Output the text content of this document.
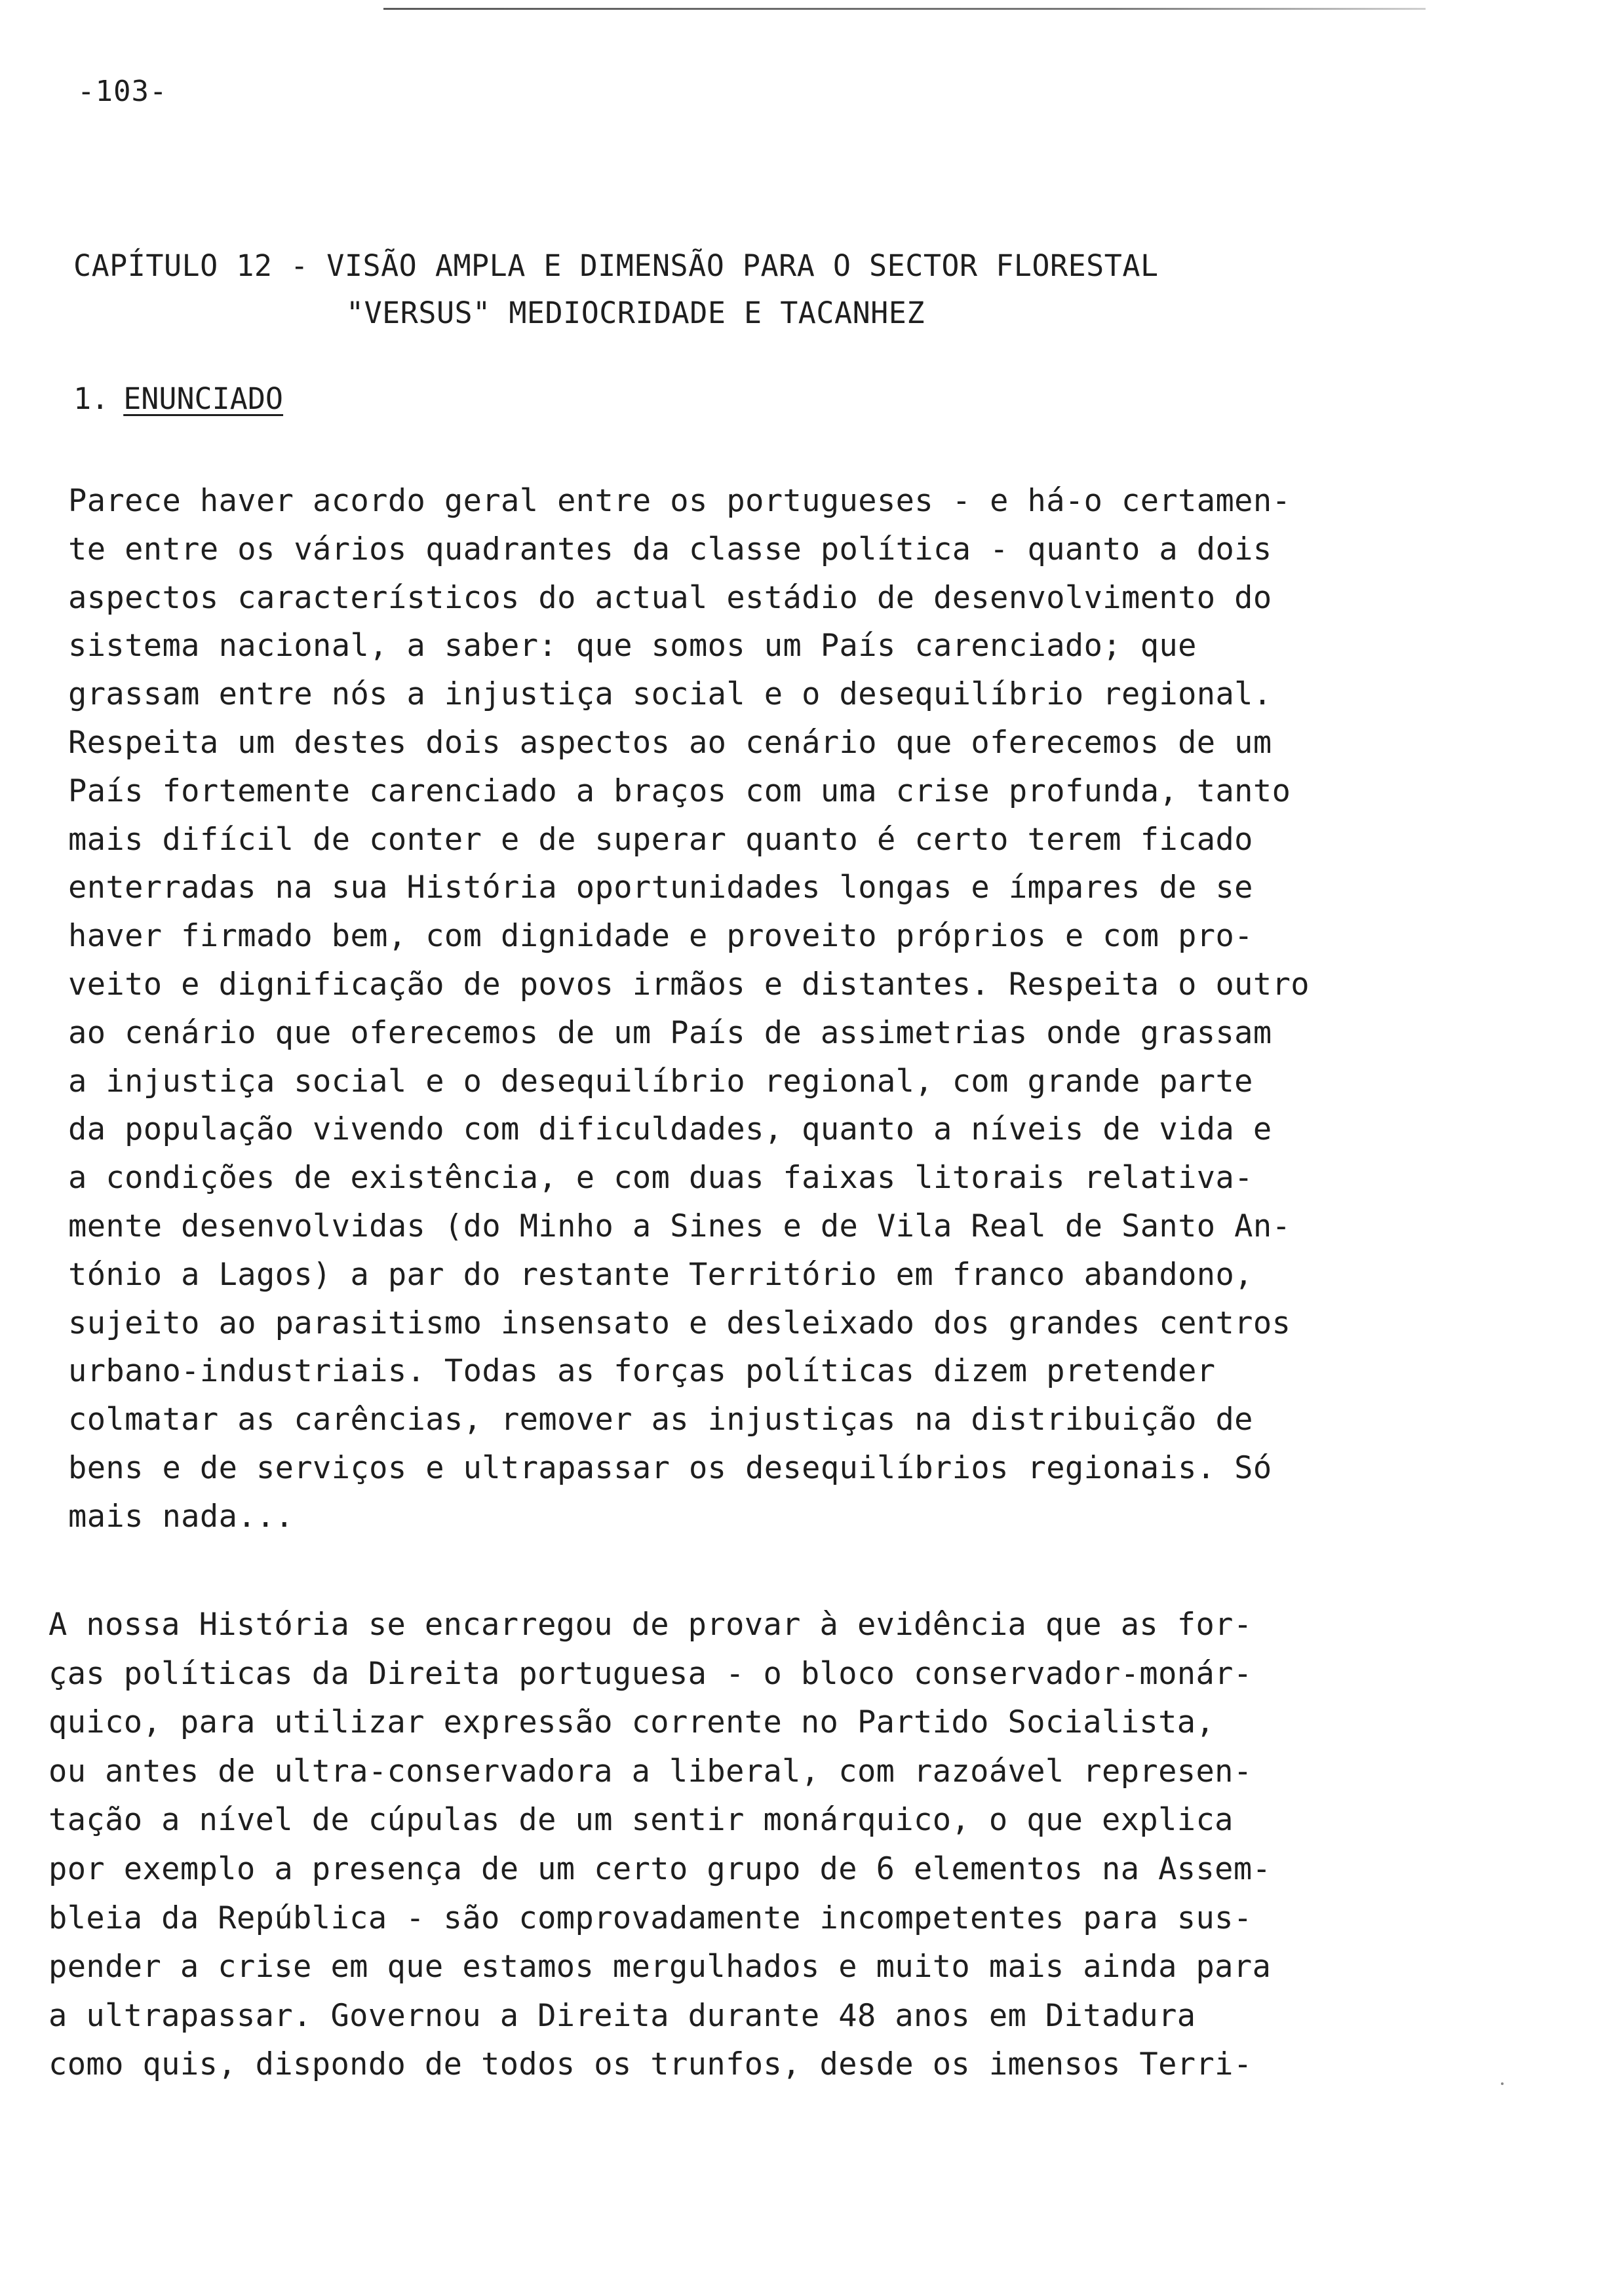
-103-
CAPÍTULO 12 - VISÃO AMPLA E DIMENSÃO PARA O SECTOR FLORESTAL
"VERSUS" MEDIOCRIDADE E TACANHEZ
1. ENUNCIADO
Parece haver acordo geral entre os portugueses - e há-o certamen-
te entre os vários quadrantes da classe política - quanto a dois
aspectos característicos do actual estádio de desenvolvimento do
sistema nacional, a saber: que somos um País carenciado; que
grassam entre nós a injustiça social e o desequilíbrio regional.
Respeita um destes dois aspectos ao cenário que oferecemos de um
País fortemente carenciado a braços com uma crise profunda, tanto
mais difícil de conter e de superar quanto é certo terem ficado
enterradas na sua História oportunidades longas e ímpares de se
haver firmado bem, com dignidade e proveito próprios e com pro-
veito e dignificação de povos irmãos e distantes. Respeita o outro
ao cenário que oferecemos de um País de assimetrias onde grassam
a injustiça social e o desequilíbrio regional, com grande parte
da população vivendo com dificuldades, quanto a níveis de vida e
a condições de existência, e com duas faixas litorais relativa-
mente desenvolvidas (do Minho a Sines e de Vila Real de Santo An-
tónio a Lagos) a par do restante Território em franco abandono,
sujeito ao parasitismo insensato e desleixado dos grandes centros
urbano-industriais. Todas as forças políticas dizem pretender
colmatar as carências, remover as injustiças na distribuição de
bens e de serviços e ultrapassar os desequilíbrios regionais. Só
mais nada...
A nossa História se encarregou de provar à evidência que as for-
ças políticas da Direita portuguesa - o bloco conservador-monár-
quico, para utilizar expressão corrente no Partido Socialista,
ou antes de ultra-conservadora a liberal, com razoável represen-
tação a nível de cúpulas de um sentir monárquico, o que explica
por exemplo a presença de um certo grupo de 6 elementos na Assem-
bleia da República - são comprovadamente incompetentes para sus-
pender a crise em que estamos mergulhados e muito mais ainda para
a ultrapassar. Governou a Direita durante 48 anos em Ditadura
como quis, dispondo de todos os trunfos, desde os imensos Terri-
